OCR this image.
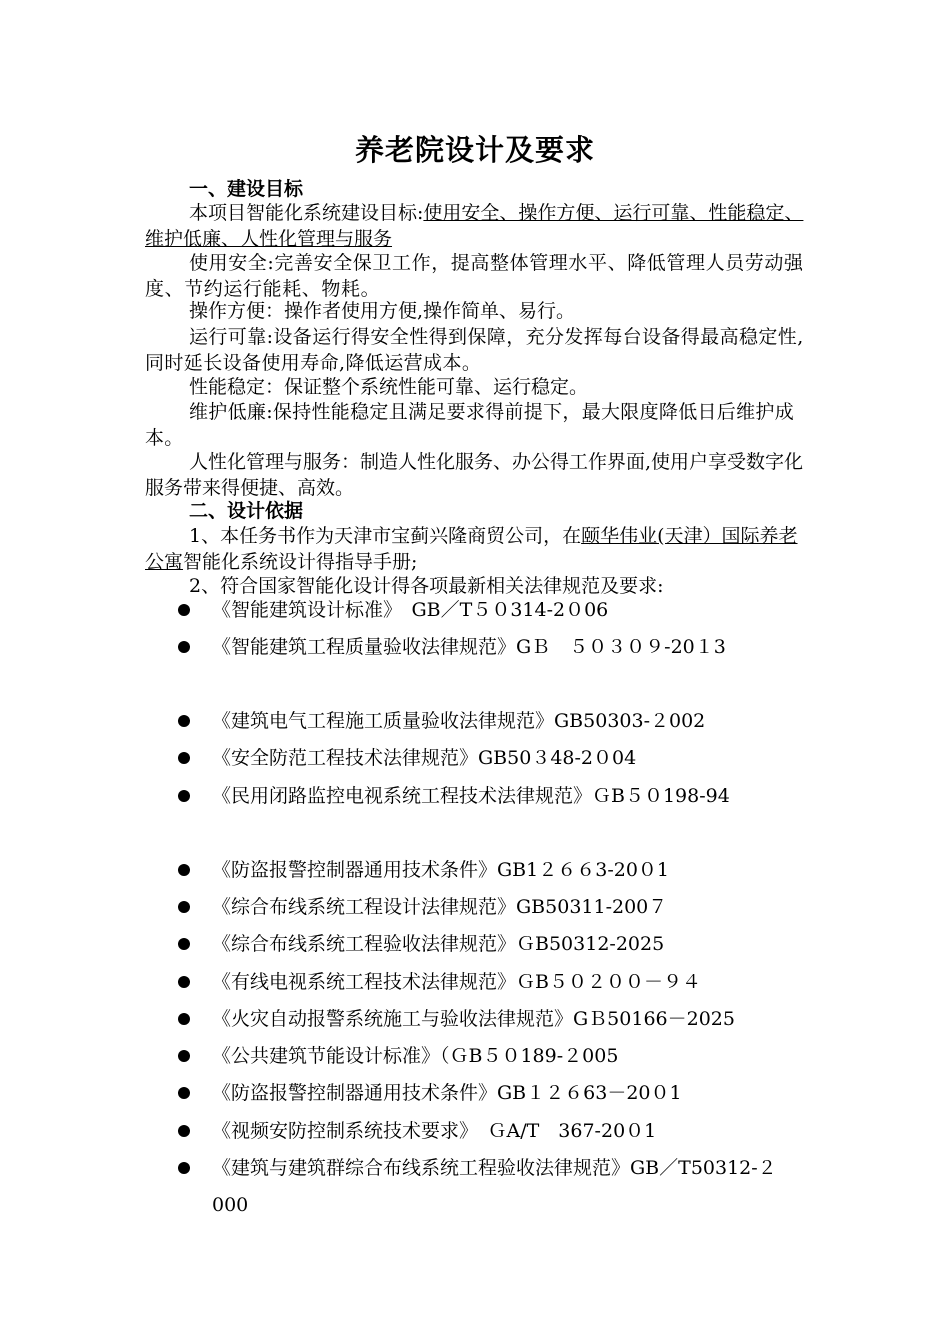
养老院设计及要求
一、建设目标
本项目智能化系统建设目标:使用安全、操作方便、运行可靠、性能稳定、维护低廉、人性化管理与服务
使用安全:完善安全保卫工作，提高整体管理水平、降低管理人员劳动强度、节约运行能耗、物耗。
操作方便：操作者使用方便,操作简单、易行。
运行可靠:设备运行得安全性得到保障，充分发挥每台设备得最高稳定性,同时延长设备使用寿命,降低运营成本。
性能稳定：保证整个系统性能可靠、运行稳定。
维护低廉:保持性能稳定且满足要求得前提下，最大限度降低日后维护成本。
人性化管理与服务：制造人性化服务、办公得工作界面,使用户享受数字化服务带来得便捷、高效。
二、设计依据
1、本任务书作为天津市宝蓟兴隆商贸公司，在颐华伟业(天津）国际养老公寓智能化系统设计得指导手册;
2、符合国家智能化设计得各项最新相关法律规范及要求:
《智能建筑设计标准》　GB／T５０314-2０06
《智能建筑工程质量验收法律规范》GＢ　５０３０９-20１3
《建筑电气工程施工质量验收法律规范》GB50303-２002
《安全防范工程技术法律规范》GB50３48-2０04
《民用闭路监控电视系统工程技术法律规范》ＧB５０198-94
《防盗报警控制器通用技术条件》GB1２６６3-20０1
《综合布线系统工程设计法律规范》GB50311-200７
《综合布线系统工程验收法律规范》ＧB50312-2025
《有线电视系统工程技术法律规范》ＧB５０２００－９４
《火灾自动报警系统施工与验收法律规范》GＢ50166－2025
《公共建筑节能设计标准》（ＧB５０189-２005
《防盗报警控制器通用技术条件》GB１２６63－20０1
《视频安防控制系统技术要求》　ＧA/T　367-20０1
《建筑与建筑群综合布线系统工程验收法律规范》GB／T50312-２000
